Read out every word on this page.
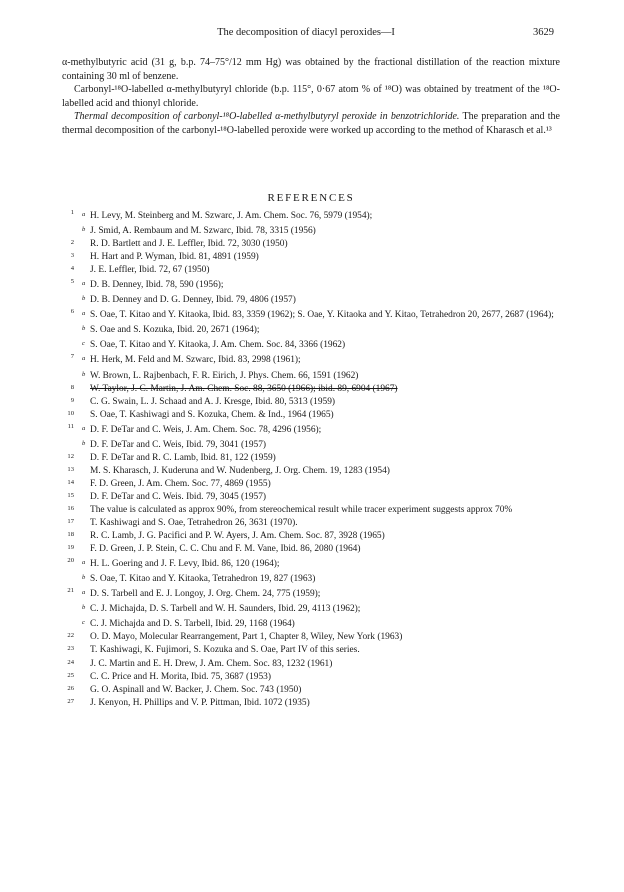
The decomposition of diacyl peroxides—I	3629

α-methylbutyric acid (31 g, b.p. 74–75°/12 mm Hg) was obtained by the fractional distillation of the reaction mixture containing 30 ml of benzene.

Carbonyl-¹⁸O-labelled α-methylbutyryl chloride (b.p. 115°, 0·67 atom % of ¹⁸O) was obtained by treatment of the ¹⁸O-labelled acid and thionyl chloride.

Thermal decomposition of carbonyl-¹⁸O-labelled α-methylbutyryl peroxide in benzotrichloride. The preparation and the thermal decomposition of the carbonyl-¹⁸O-labelled peroxide were worked up according to the method of Kharasch et al.¹³

REFERENCES
1 a H. Levy, M. Steinberg and M. Szwarc, J. Am. Chem. Soc. 76, 5979 (1954);
b J. Smid, A. Rembaum and M. Szwarc, Ibid. 78, 3315 (1956)
2 R. D. Bartlett and J. E. Leffler, Ibid. 72, 3030 (1950)
3 H. Hart and P. Wyman, Ibid. 81, 4891 (1959)
4 J. E. Leffler, Ibid. 72, 67 (1950)
5 a D. B. Denney, Ibid. 78, 590 (1956);
b D. B. Denney and D. G. Denney, Ibid. 79, 4806 (1957)
6 a S. Oae, T. Kitao and Y. Kitaoka, Ibid. 83, 3359 (1962); S. Oae, Y. Kitaoka and Y. Kitao, Tetrahedron 20, 2677, 2687 (1964);
b S. Oae and S. Kozuka, Ibid. 20, 2671 (1964);
c S. Oae, T. Kitao and Y. Kitaoka, J. Am. Chem. Soc. 84, 3366 (1962)
7 a H. Herk, M. Feld and M. Szwarc, Ibid. 83, 2998 (1961);
b W. Brown, L. Rajbenbach, F. R. Eirich, J. Phys. Chem. 66, 1591 (1962)
8 W. Taylor, J. C. Martin, J. Am. Chem. Soc. 88, 3650 (1966); ibid. 89, 6904 (1967)
9 C. G. Swain, L. J. Schaad and A. J. Kresge, Ibid. 80, 5313 (1959)
10 S. Oae, T. Kashiwagi and S. Kozuka, Chem. & Ind., 1964 (1965)
11 a D. F. DeTar and C. Weis, J. Am. Chem. Soc. 78, 4296 (1956);
b D. F. DeTar and C. Weis, Ibid. 79, 3041 (1957)
12 D. F. DeTar and R. C. Lamb, Ibid. 81, 122 (1959)
13 M. S. Kharasch, J. Kuderuna and W. Nudenberg, J. Org. Chem. 19, 1283 (1954)
14 F. D. Green, J. Am. Chem. Soc. 77, 4869 (1955)
15 D. F. DeTar and C. Weis. Ibid. 79, 3045 (1957)
16 The value is calculated as approx 90%, from stereochemical result while tracer experiment suggests approx 70%
17 T. Kashiwagi and S. Oae, Tetrahedron 26, 3631 (1970).
18 R. C. Lamb, J. G. Pacifici and P. W. Ayers, J. Am. Chem. Soc. 87, 3928 (1965)
19 F. D. Green, J. P. Stein, C. C. Chu and F. M. Vane, Ibid. 86, 2080 (1964)
20 a H. L. Goering and J. F. Levy, Ibid. 86, 120 (1964);
b S. Oae, T. Kitao and Y. Kitaoka, Tetrahedron 19, 827 (1963)
21 a D. S. Tarbell and E. J. Longoy, J. Org. Chem. 24, 775 (1959);
b C. J. Michajda, D. S. Tarbell and W. H. Saunders, Ibid. 29, 4113 (1962);
c C. J. Michajda and D. S. Tarbell, Ibid. 29, 1168 (1964)
22 O. D. Mayo, Molecular Rearrangement, Part 1, Chapter 8, Wiley, New York (1963)
23 T. Kashiwagi, K. Fujimori, S. Kozuka and S. Oae, Part IV of this series.
24 J. C. Martin and E. H. Drew, J. Am. Chem. Soc. 83, 1232 (1961)
25 C. C. Price and H. Morita, Ibid. 75, 3687 (1953)
26 G. O. Aspinall and W. Backer, J. Chem. Soc. 743 (1950)
27 J. Kenyon, H. Phillips and V. P. Pittman, Ibid. 1072 (1935)
